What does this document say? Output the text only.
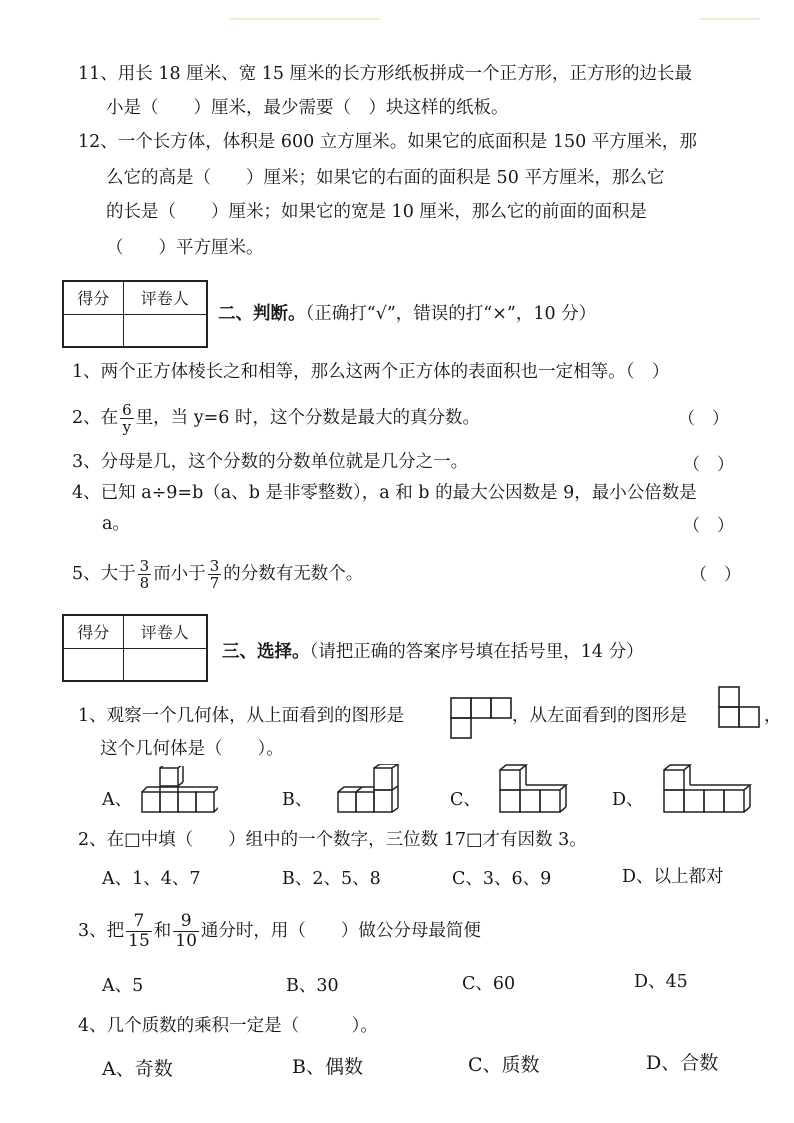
11、用长 18 厘米、宽 15 厘米的长方形纸板拼成一个正方形，正方形的边长最
小是（　　）厘米，最少需要（　）块这样的纸板。
12、一个长方体，体积是 600 立方厘米。如果它的底面积是 150 平方厘米，那
么它的高是（　　）厘米；如果它的右面的面积是 50 平方厘米，那么它
的长是（　　）厘米；如果它的宽是 10 厘米，那么它的前面的面积是
（　　）平方厘米。
得分	评卷人

二、判断。（正确打“√”，错误的打“×”，10 分）
1、两个正方体棱长之和相等，那么这两个正方体的表面积也一定相等。（　）
2、在 $\frac{6}{y}$ 里，当 y=6 时，这个分数是最大的真分数。	（　）
3、分母是几，这个分数的分数单位就是几分之一。	（　）
4、已知 a÷9=b（a、b 是非零整数），a 和 b 的最大公因数是 9，最小公倍数是
a。	（　）
5、大于 $\frac{3}{8}$ 而小于 $\frac{3}{7}$ 的分数有无数个。	（　）
得分	评卷人

三、选择。（请把正确的答案序号填在括号里，14 分）
1、观察一个几何体，从上面看到的图形是	，从左面看到的图形是	，
这个几何体是（　　）。
A、	B、	C、	D、
2、在□中填（　　）组中的一个数字，三位数 17□才有因数 3。
A、1、4、7	B、2、5、8	C、3、6、9	D、以上都对
3、把 $\frac{7}{15}$ 和 $\frac{9}{10}$ 通分时，用（　　）做公分母最简便
A、5	B、30	C、60	D、45
4、几个质数的乘积一定是（　　　）。
A、奇数	B、偶数	C、质数	D、合数
